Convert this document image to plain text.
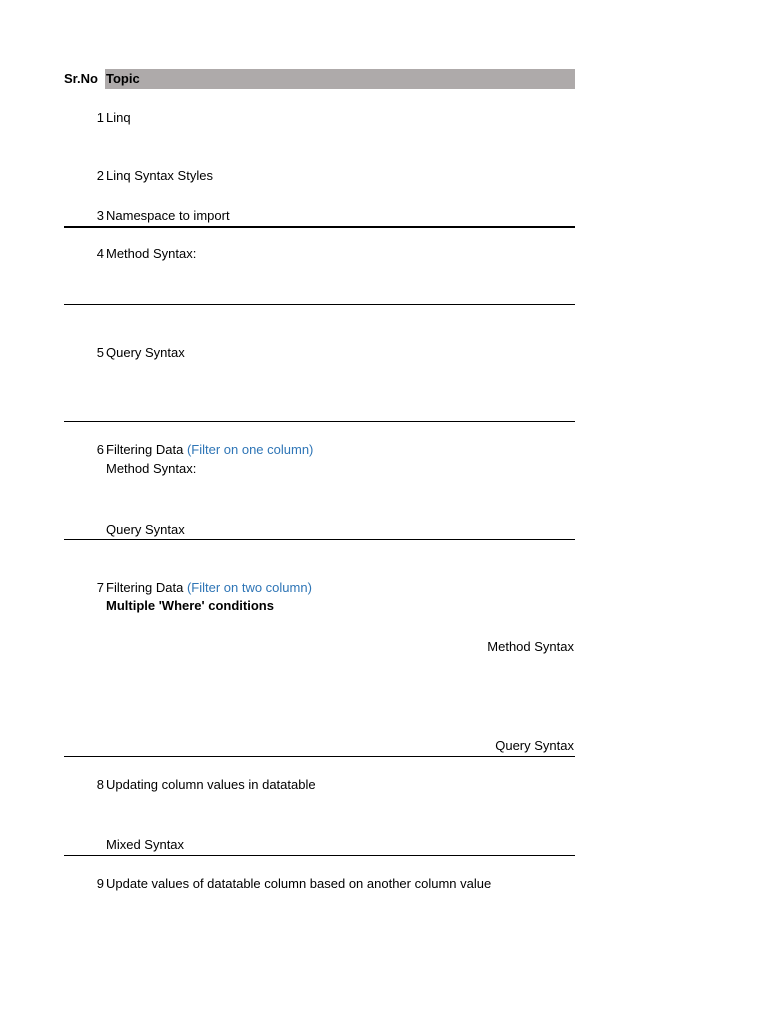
Sr.No Topic
1 Linq
2 Linq Syntax Styles
3 Namespace to import
4 Method Syntax:
5 Query Syntax
6 Filtering Data (Filter on one column)
Method Syntax:
Query Syntax
7 Filtering Data (Filter on two column)
Multiple 'Where' conditions
Method Syntax
Query Syntax
8 Updating column values in datatable
Mixed Syntax
9 Update values of datatable column based on another column value
